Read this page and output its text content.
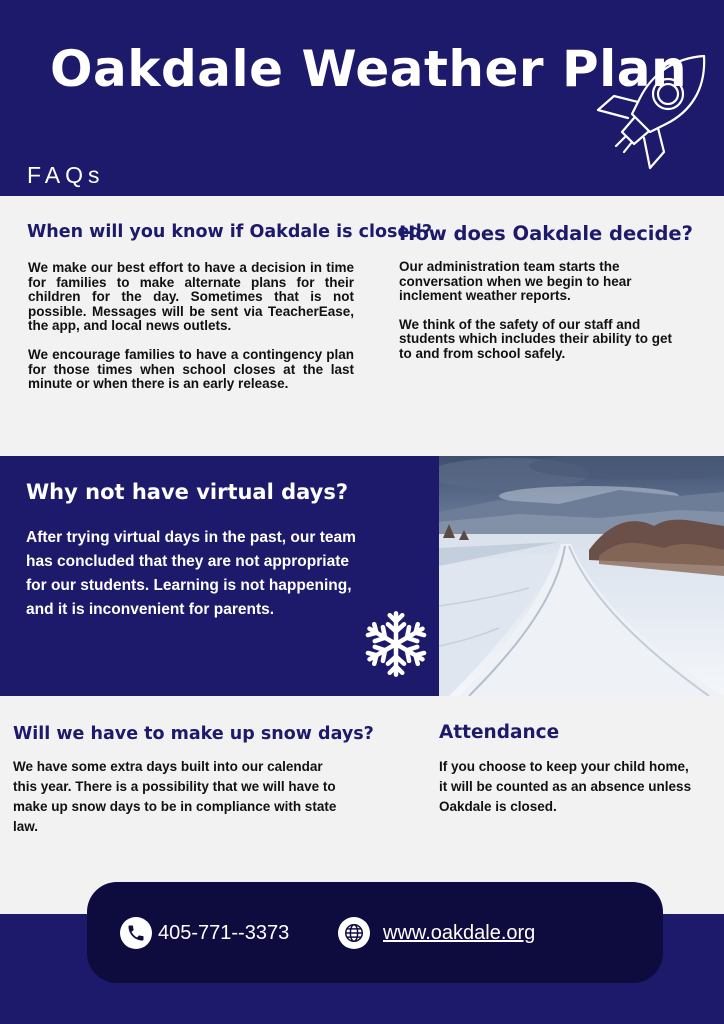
Oakdale Weather Plan
FAQs
When will you know if Oakdale is closed?

We make our best effort to have a decision in time for families to make alternate plans for their children for the day. Sometimes that is not possible. Messages will be sent via TeacherEase, the app, and local news outlets.

We encourage families to have a contingency plan for those times when school closes at the last minute or when there is an early release.

How does Oakdale decide?

Our administration team starts the conversation when we begin to hear inclement weather reports.

We think of the safety of our staff and students which includes their ability to get to and from school safely.

Why not have virtual days?
After trying virtual days in the past, our team has concluded that they are not appropriate for our students. Learning is not happening, and it is inconvenient for parents.
Will we have to make up snow days?
We have some extra days built into our calendar this year. There is a possibility that we will have to make up snow days to be in compliance with state law.
Attendance
If you choose to keep your child home, it will be counted as an absence unless Oakdale is closed.
405-771--3373	www.oakdale.org
